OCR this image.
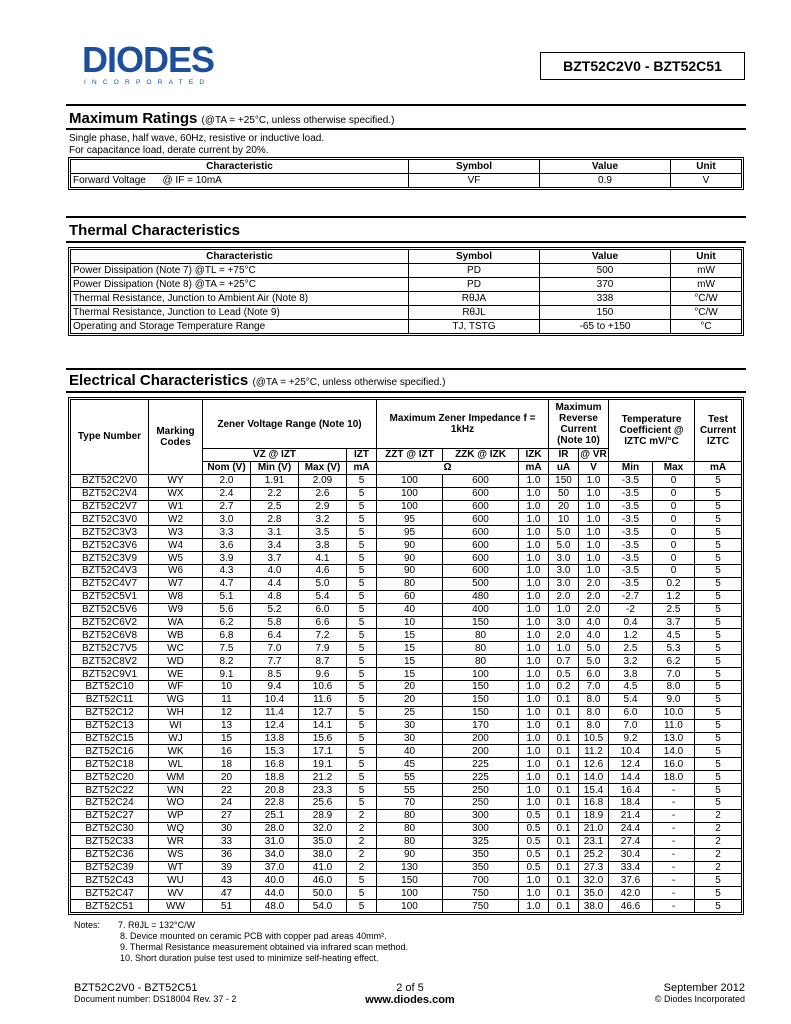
DIODES
INCORPORATED
BZT52C2V0 - BZT52C51
Maximum Ratings (@TA = +25°C, unless otherwise specified.)
Single phase, half wave, 60Hz, resistive or inductive load.
For capacitance load, derate current by 20%.
Characteristic	Symbol	Value	Unit
Forward Voltage      @ IF = 10mA	VF	0.9	V
Thermal Characteristics
Characteristic	Symbol	Value	Unit
Power Dissipation (Note 7) @TL = +75°C	PD	500	mW
Power Dissipation (Note 8) @TA = +25°C	PD	370	mW
Thermal Resistance, Junction to Ambient Air (Note 8)	RθJA	338	°C/W
Thermal Resistance, Junction to Lead (Note 9)	RθJL	150	°C/W
Operating and Storage Temperature Range	TJ, TSTG	-65 to +150	°C
Electrical Characteristics (@TA = +25°C, unless otherwise specified.)
Type Number	Marking Codes	Zener Voltage Range (Note 10)				Maximum Zener Impedance f = 1kHz			Maximum Reverse Current (Note 10)		Temperature Coefficient @ IZTC mV/°C		Test Current IZTC
		VZ @ IZT			IZT	ZZT @ IZT	ZZK @ IZK	IZK	IR	@ VR			
		Nom (V)	Min (V)	Max (V)	mA	Ω		mA	uA	V	Min	Max	mA
BZT52C2V0	WY	2.0	1.91	2.09	5	100	600	1.0	150	1.0	-3.5	0	5
BZT52C2V4	WX	2.4	2.2	2.6	5	100	600	1.0	50	1.0	-3.5	0	5
BZT52C2V7	W1	2.7	2.5	2.9	5	100	600	1.0	20	1.0	-3.5	0	5
BZT52C3V0	W2	3.0	2.8	3.2	5	95	600	1.0	10	1.0	-3.5	0	5
BZT52C3V3	W3	3.3	3.1	3.5	5	95	600	1.0	5.0	1.0	-3.5	0	5
BZT52C3V6	W4	3.6	3.4	3.8	5	90	600	1.0	5.0	1.0	-3.5	0	5
BZT52C3V9	W5	3.9	3.7	4.1	5	90	600	1.0	3.0	1.0	-3.5	0	5
BZT52C4V3	W6	4.3	4.0	4.6	5	90	600	1.0	3.0	1.0	-3.5	0	5
BZT52C4V7	W7	4.7	4.4	5.0	5	80	500	1.0	3.0	2.0	-3.5	0.2	5
BZT52C5V1	W8	5.1	4.8	5.4	5	60	480	1.0	2.0	2.0	-2.7	1.2	5
BZT52C5V6	W9	5.6	5.2	6.0	5	40	400	1.0	1.0	2.0	-2	2.5	5
BZT52C6V2	WA	6.2	5.8	6.6	5	10	150	1.0	3.0	4.0	0.4	3.7	5
BZT52C6V8	WB	6.8	6.4	7.2	5	15	80	1.0	2.0	4.0	1.2	4.5	5
BZT52C7V5	WC	7.5	7.0	7.9	5	15	80	1.0	1.0	5.0	2.5	5.3	5
BZT52C8V2	WD	8.2	7.7	8.7	5	15	80	1.0	0.7	5.0	3.2	6.2	5
BZT52C9V1	WE	9.1	8.5	9.6	5	15	100	1.0	0.5	6.0	3.8	7.0	5
BZT52C10	WF	10	9.4	10.6	5	20	150	1.0	0.2	7.0	4.5	8.0	5
BZT52C11	WG	11	10.4	11.6	5	20	150	1.0	0.1	8.0	5.4	9.0	5
BZT52C12	WH	12	11.4	12.7	5	25	150	1.0	0.1	8.0	6.0	10.0	5
BZT52C13	WI	13	12.4	14.1	5	30	170	1.0	0.1	8.0	7.0	11.0	5
BZT52C15	WJ	15	13.8	15.6	5	30	200	1.0	0.1	10.5	9.2	13.0	5
BZT52C16	WK	16	15.3	17.1	5	40	200	1.0	0.1	11.2	10.4	14.0	5
BZT52C18	WL	18	16.8	19.1	5	45	225	1.0	0.1	12.6	12.4	16.0	5
BZT52C20	WM	20	18.8	21.2	5	55	225	1.0	0.1	14.0	14.4	18.0	5
BZT52C22	WN	22	20.8	23.3	5	55	250	1.0	0.1	15.4	16.4	-	5
BZT52C24	WO	24	22.8	25.6	5	70	250	1.0	0.1	16.8	18.4	-	5
BZT52C27	WP	27	25.1	28.9	2	80	300	0.5	0.1	18.9	21.4	-	2
BZT52C30	WQ	30	28.0	32.0	2	80	300	0.5	0.1	21.0	24.4	-	2
BZT52C33	WR	33	31.0	35.0	2	80	325	0.5	0.1	23.1	27.4	-	2
BZT52C36	WS	36	34.0	38.0	2	90	350	0.5	0.1	25.2	30.4	-	2
BZT52C39	WT	39	37.0	41.0	2	130	350	0.5	0.1	27.3	33.4	-	2
BZT52C43	WU	43	40.0	46.0	5	150	700	1.0	0.1	32.0	37.6	-	5
BZT52C47	WV	47	44.0	50.0	5	100	750	1.0	0.1	35.0	42.0	-	5
BZT52C51	WW	51	48.0	54.0	5	100	750	1.0	0.1	38.0	46.6	-	5
Notes: 7. RθJL = 132°C/W
8. Device mounted on ceramic PCB with copper pad areas 40mm².
9. Thermal Resistance measurement obtained via infrared scan method.
10. Short duration pulse test used to minimize self-heating effect.
BZT52C2V0 - BZT52C51
Document number: DS18004 Rev. 37 - 2
2 of 5
www.diodes.com
September 2012
© Diodes Incorporated
